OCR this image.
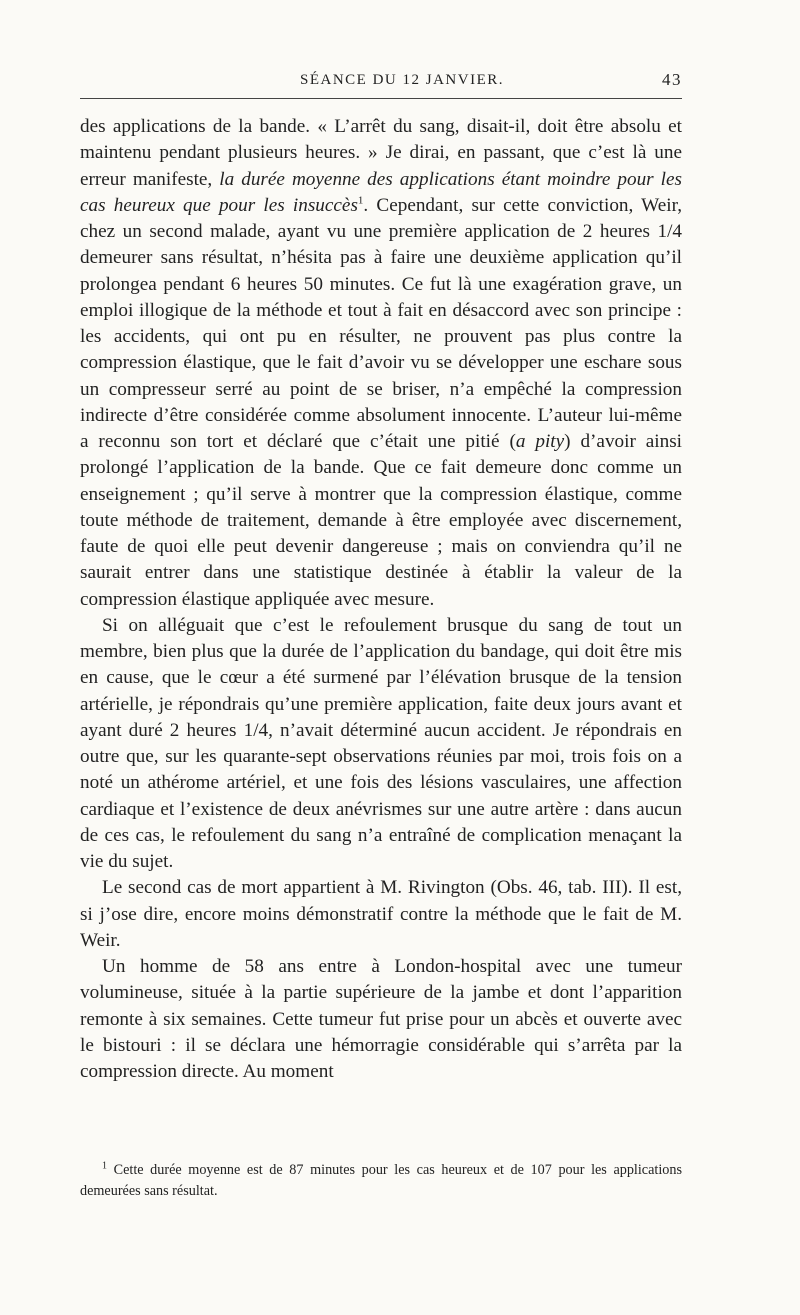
SÉANCE DU 12 JANVIER.	43

des applications de la bande. « L’arrêt du sang, disait-il, doit être absolu et maintenu pendant plusieurs heures. » Je dirai, en passant, que c’est là une erreur manifeste, la durée moyenne des applications étant moindre pour les cas heureux que pour les insuccès$^1$. Cependant, sur cette conviction, Weir, chez un second malade, ayant vu une première application de 2 heures 1/4 demeurer sans résultat, n’hésita pas à faire une deuxième application qu’il prolongea pendant 6 heures 50 minutes. Ce fut là une exagération grave, un emploi illogique de la méthode et tout à fait en désaccord avec son principe : les accidents, qui ont pu en résulter, ne prouvent pas plus contre la compression élastique, que le fait d’avoir vu se développer une eschare sous un compresseur serré au point de se briser, n’a empêché la compression indirecte d’être considérée comme absolument innocente. L’auteur lui-même a reconnu son tort et déclaré que c’était une pitié (a pity) d’avoir ainsi prolongé l’application de la bande. Que ce fait demeure donc comme un enseignement ; qu’il serve à montrer que la compression élastique, comme toute méthode de traitement, demande à être employée avec discernement, faute de quoi elle peut devenir dangereuse ; mais on conviendra qu’il ne saurait entrer dans une statistique destinée à établir la valeur de la compression élastique appliquée avec mesure.

Si on alléguait que c’est le refoulement brusque du sang de tout un membre, bien plus que la durée de l’application du bandage, qui doit être mis en cause, que le cœur a été surmené par l’élévation brusque de la tension artérielle, je répondrais qu’une première application, faite deux jours avant et ayant duré 2 heures 1/4, n’avait déterminé aucun accident. Je répondrais en outre que, sur les quarante-sept observations réunies par moi, trois fois on a noté un athérome artériel, et une fois des lésions vasculaires, une affection cardiaque et l’existence de deux anévrismes sur une autre artère : dans aucun de ces cas, le refoulement du sang n’a entraîné de complication menaçant la vie du sujet.

Le second cas de mort appartient à M. Rivington (Obs. 46, tab. III). Il est, si j’ose dire, encore moins démonstratif contre la méthode que le fait de M. Weir.

Un homme de 58 ans entre à London-hospital avec une tumeur volumineuse, située à la partie supérieure de la jambe et dont l’apparition remonte à six semaines. Cette tumeur fut prise pour un abcès et ouverte avec le bistouri : il se déclara une hémorragie considérable qui s’arrêta par la compression directe. Au moment

$^1$ Cette durée moyenne est de 87 minutes pour les cas heureux et de 107 pour les applications demeurées sans résultat.
